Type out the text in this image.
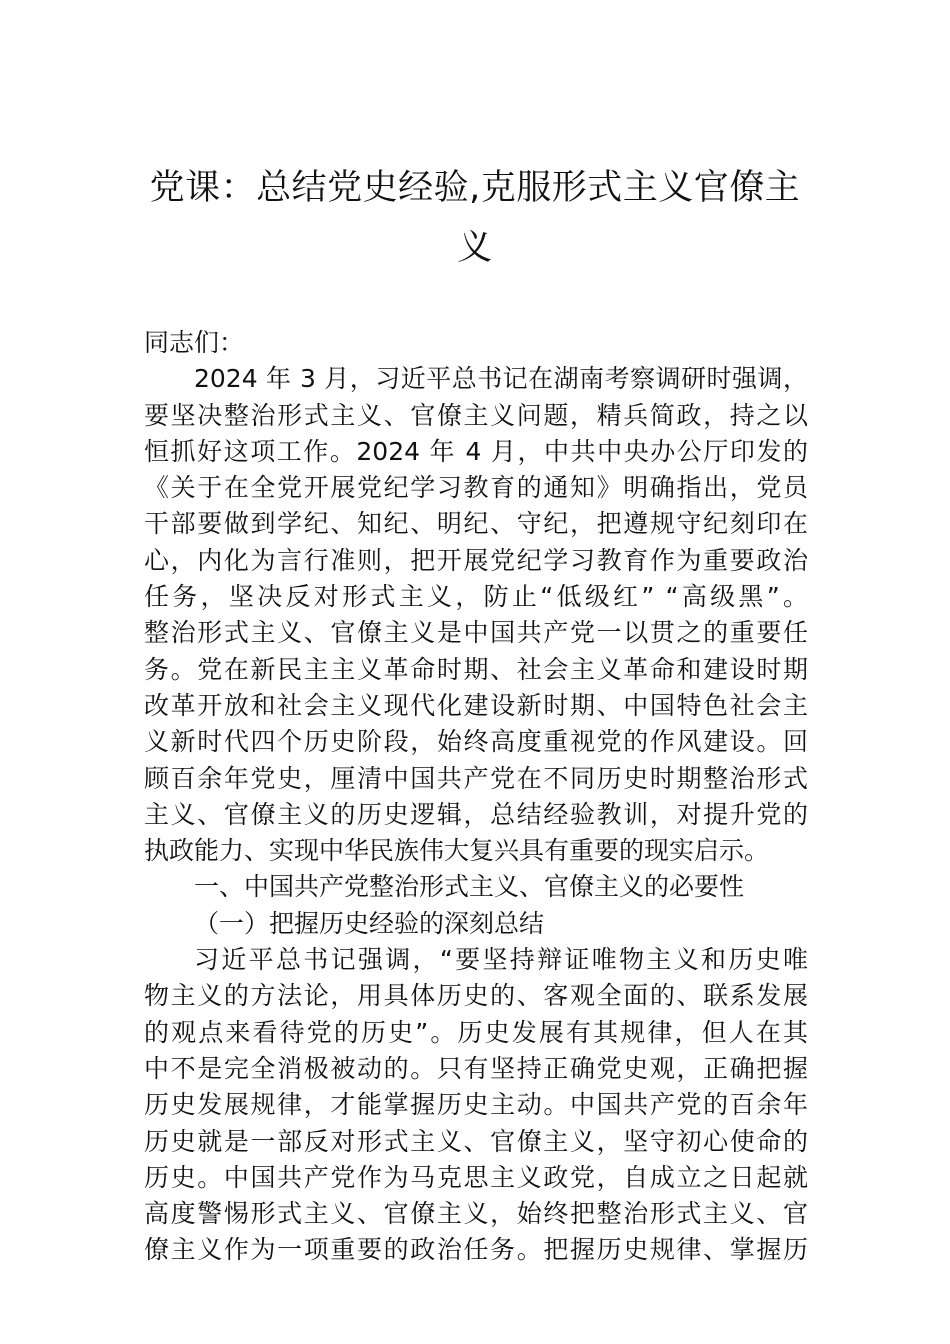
党课：总结党史经验,克服形式主义官僚主
义
同志们：
2024 年 3 月，习近平总书记在湖南考察调研时强调，
要坚决整治形式主义、官僚主义问题，精兵简政，持之以
恒抓好这项工作。2024 年 4 月，中共中央办公厅印发的
《关于在全党开展党纪学习教育的通知》明确指出，党员
干部要做到学纪、知纪、明纪、守纪，把遵规守纪刻印在
心，内化为言行准则，把开展党纪学习教育作为重要政治
任务，坚决反对形式主义，防止“低级红” “高级黑”。
整治形式主义、官僚主义是中国共产党一以贯之的重要任
务。党在新民主主义革命时期、社会主义革命和建设时期
改革开放和社会主义现代化建设新时期、中国特色社会主
义新时代四个历史阶段，始终高度重视党的作风建设。回
顾百余年党史，厘清中国共产党在不同历史时期整治形式
主义、官僚主义的历史逻辑，总结经验教训，对提升党的
执政能力、实现中华民族伟大复兴具有重要的现实启示。
一、中国共产党整治形式主义、官僚主义的必要性
（一）把握历史经验的深刻总结
习近平总书记强调，“要坚持辩证唯物主义和历史唯
物主义的方法论，用具体历史的、客观全面的、联系发展
的观点来看待党的历史”。历史发展有其规律，但人在其
中不是完全消极被动的。只有坚持正确党史观，正确把握
历史发展规律，才能掌握历史主动。中国共产党的百余年
历史就是一部反对形式主义、官僚主义，坚守初心使命的
历史。中国共产党作为马克思主义政党，自成立之日起就
高度警惕形式主义、官僚主义，始终把整治形式主义、官
僚主义作为一项重要的政治任务。把握历史规律、掌握历
